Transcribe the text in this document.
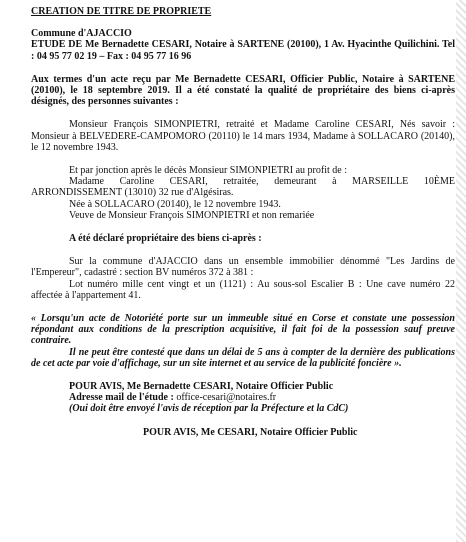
CREATION DE TITRE DE PROPRIETE

Commune d'AJACCIO

ETUDE DE Me Bernadette CESARI, Notaire à SARTENE (20100), 1 Av. Hyacinthe Quilichini. Tel : 04 95 77 02 19 – Fax : 04 95 77 16 96

Aux termes d'un acte reçu par Me Bernadette CESARI, Officier Public, Notaire à SARTENE (20100), le 18 septembre 2019. Il a été constaté la qualité de propriétaire des biens ci-après désignés, des personnes suivantes :

Monsieur François SIMONPIETRI, retraité et Madame Caroline CESARI, Nés savoir : Monsieur à BELVEDERE-CAMPOMORO (20110) le 14 mars 1934, Madame à SOLLACARO (20140), le 12 novembre 1943.

Et par jonction après le décès Monsieur SIMONPIETRI au profit de :

Madame Caroline CESARI, retraitée, demeurant à MARSEILLE 10ÈME ARRONDISSEMENT (13010) 32 rue d'Algésiras.

Née à SOLLACARO (20140), le 12 novembre 1943.

Veuve de Monsieur François SIMONPIETRI et non remariée

A été déclaré propriétaire des biens ci-après :

Sur la commune d'AJACCIO dans un ensemble immobilier dénommé "Les Jardins de l'Empereur", cadastré : section BV numéros 372 à 381 :

Lot numéro mille cent vingt et un (1121) : Au sous-sol Escalier B : Une cave numéro 22 affectée à l'appartement 41.

« Lorsqu'un acte de Notoriété porte sur un immeuble situé en Corse et constate une possession répondant aux conditions de la prescription acquisitive, il fait foi de la possession sauf preuve contraire.

Il ne peut être contesté que dans un délai de 5 ans à compter de la dernière des publications de cet acte par voie d'affichage, sur un site internet et au service de la publicité foncière ».

POUR AVIS, Me Bernadette CESARI, Notaire Officier Public

Adresse mail de l'étude : office-cesari@notaires.fr

(Oui doit être envoyé l'avis de réception par la Préfecture et la CdC)

POUR AVIS, Me CESARI, Notaire Officier Public
